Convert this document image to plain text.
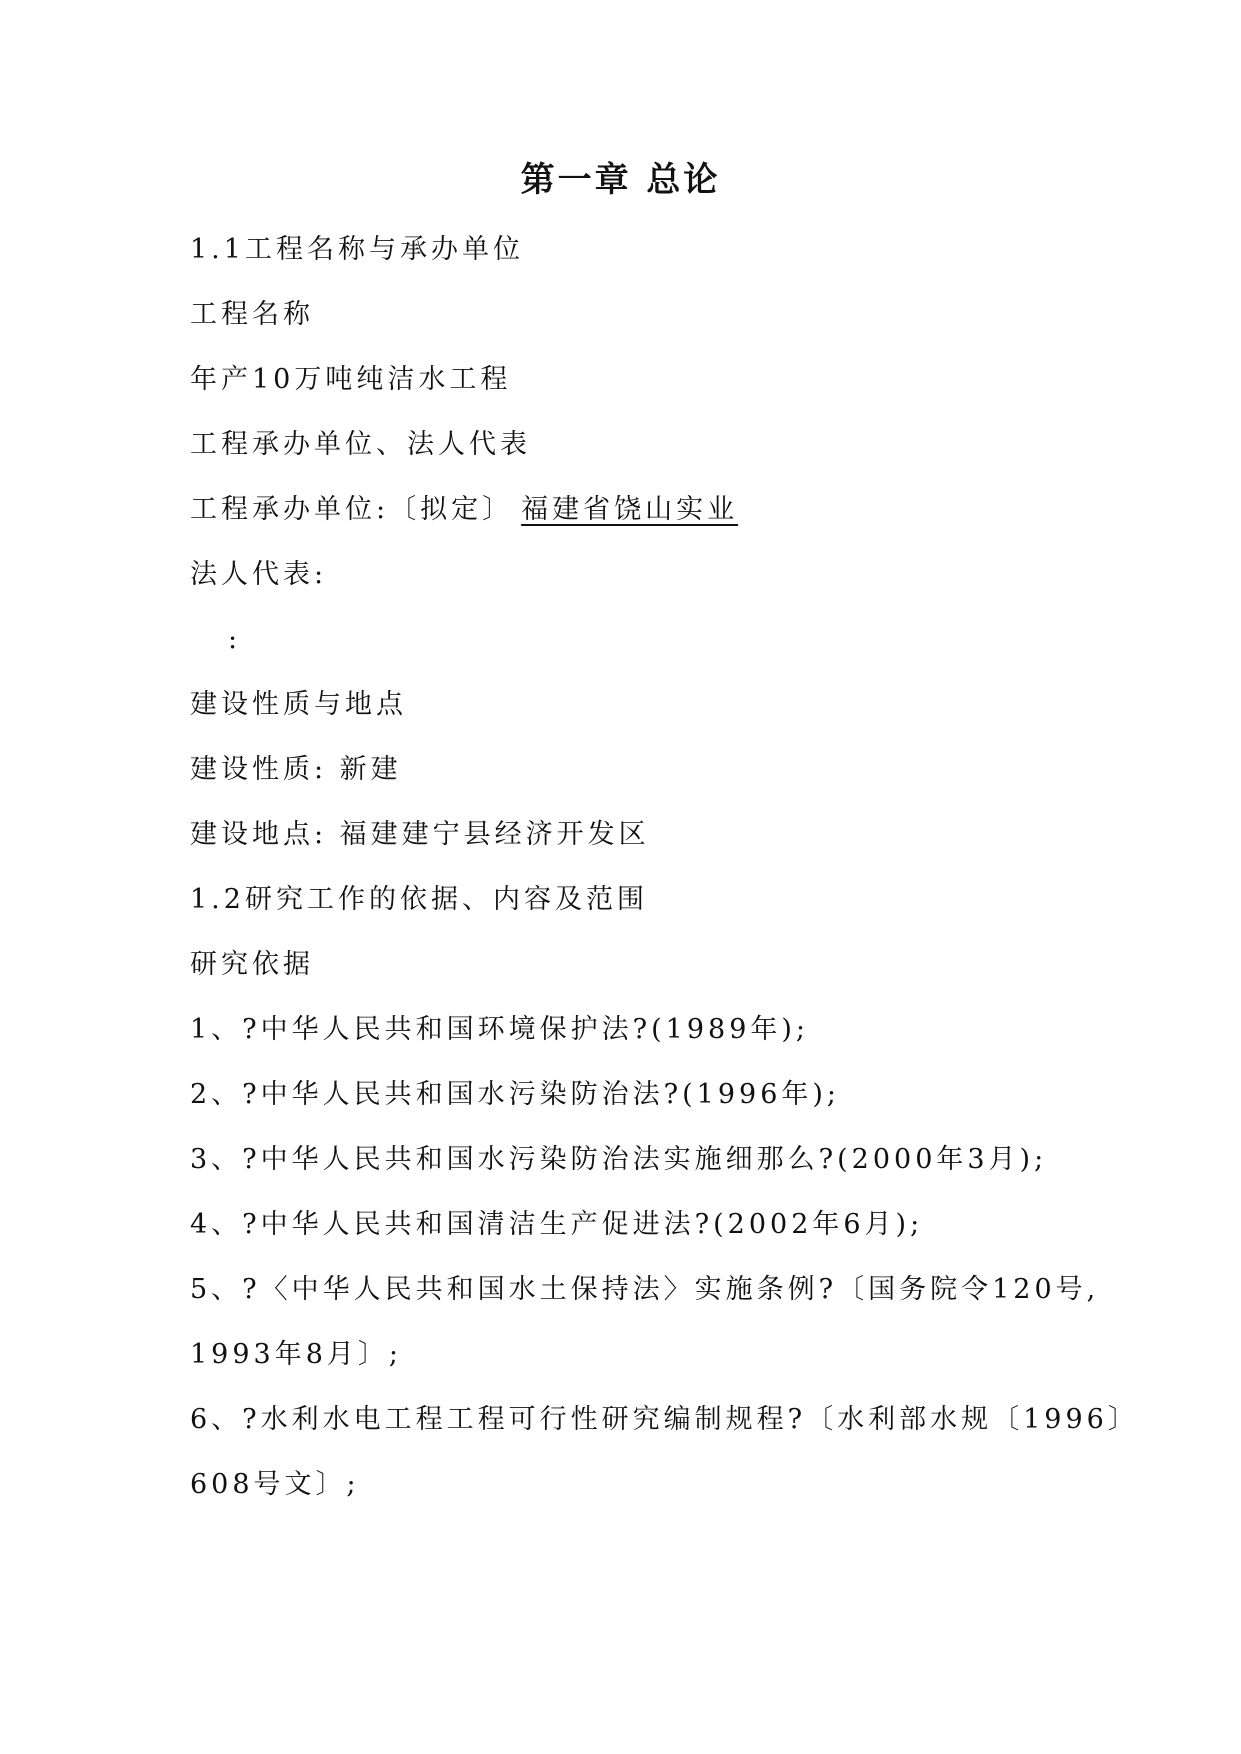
第一章 总论
1.1工程名称与承办单位
工程名称
年产10万吨纯洁水工程
工程承办单位、法人代表
工程承办单位:〔拟定〕 福建省饶山实业
法人代表:
:
建设性质与地点
建设性质: 新建
建设地点: 福建建宁县经济开发区
1.2研究工作的依据、内容及范围
研究依据
1、?中华人民共和国环境保护法?(1989年);
2、?中华人民共和国水污染防治法?(1996年);
3、?中华人民共和国水污染防治法实施细那么?(2000年3月);
4、?中华人民共和国清洁生产促进法?(2002年6月);
5、?〈中华人民共和国水土保持法〉实施条例?〔国务院令120号,
1993年8月〕;
6、?水利水电工程工程可行性研究编制规程?〔水利部水规〔1996〕
608号文〕;
